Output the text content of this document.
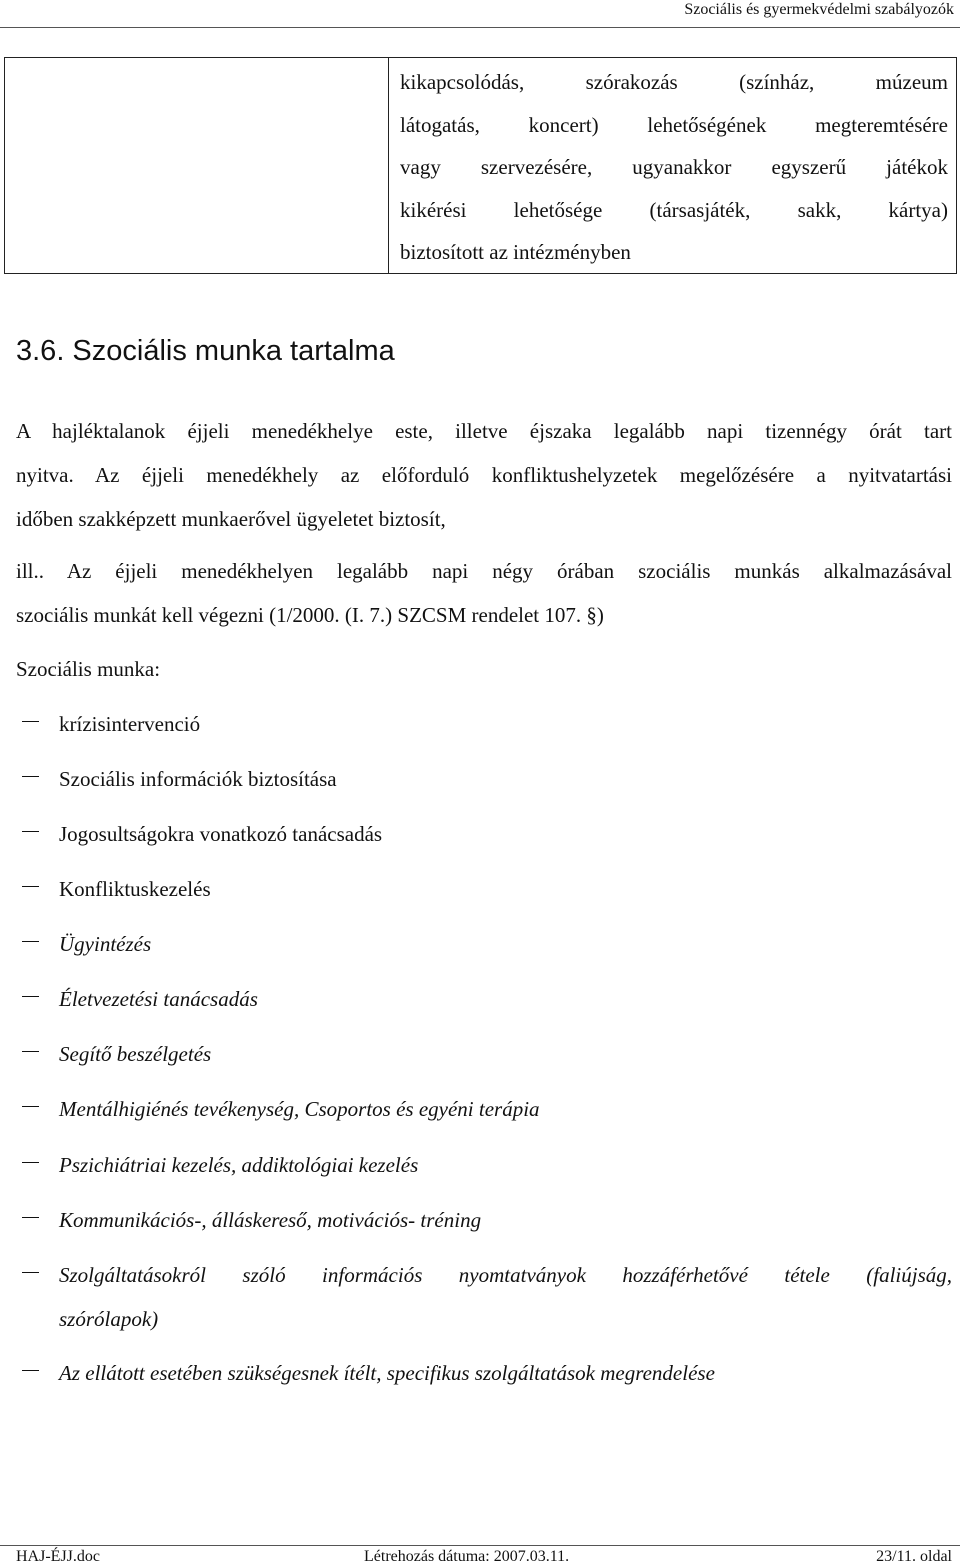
Szociális és gyermekvédelmi szabályozók
kikapcsolódás, szórakozás (színház, múzeum
látogatás, koncert) lehetőségének megteremtésére
vagy szervezésére, ugyanakkor egyszerű játékok
kikérési lehetősége (társasjáték, sakk, kártya)
biztosított az intézményben
3.6. Szociális munka tartalma
A hajléktalanok éjjeli menedékhelye este, illetve éjszaka legalább napi tizennégy órát tart
nyitva. Az éjjeli menedékhely az előforduló konfliktushelyzetek megelőzésére a nyitvatartási
időben szakképzett munkaerővel ügyeletet biztosít,
ill.. Az éjjeli menedékhelyen legalább napi négy órában szociális munkás alkalmazásával
szociális munkát kell végezni (1/2000. (I. 7.) SZCSM rendelet 107. §)
Szociális munka:
krízisintervenció
Szociális információk biztosítása
Jogosultságokra vonatkozó tanácsadás
Konfliktuskezelés
Ügyintézés
Életvezetési tanácsadás
Segítő beszélgetés
Mentálhigiénés tevékenység, Csoportos és egyéni terápia
Pszichiátriai kezelés, addiktológiai kezelés
Kommunikációs-, álláskereső, motivációs- tréning
Szolgáltatásokról szóló információs nyomtatványok hozzáférhetővé tétele (faliújság,
szórólapok)
Az ellátott esetében szükségesnek ítélt, specifikus szolgáltatások megrendelése
HAJ-ÉJJ.doc	Létrehozás dátuma: 2007.03.11.	23/11. oldal
